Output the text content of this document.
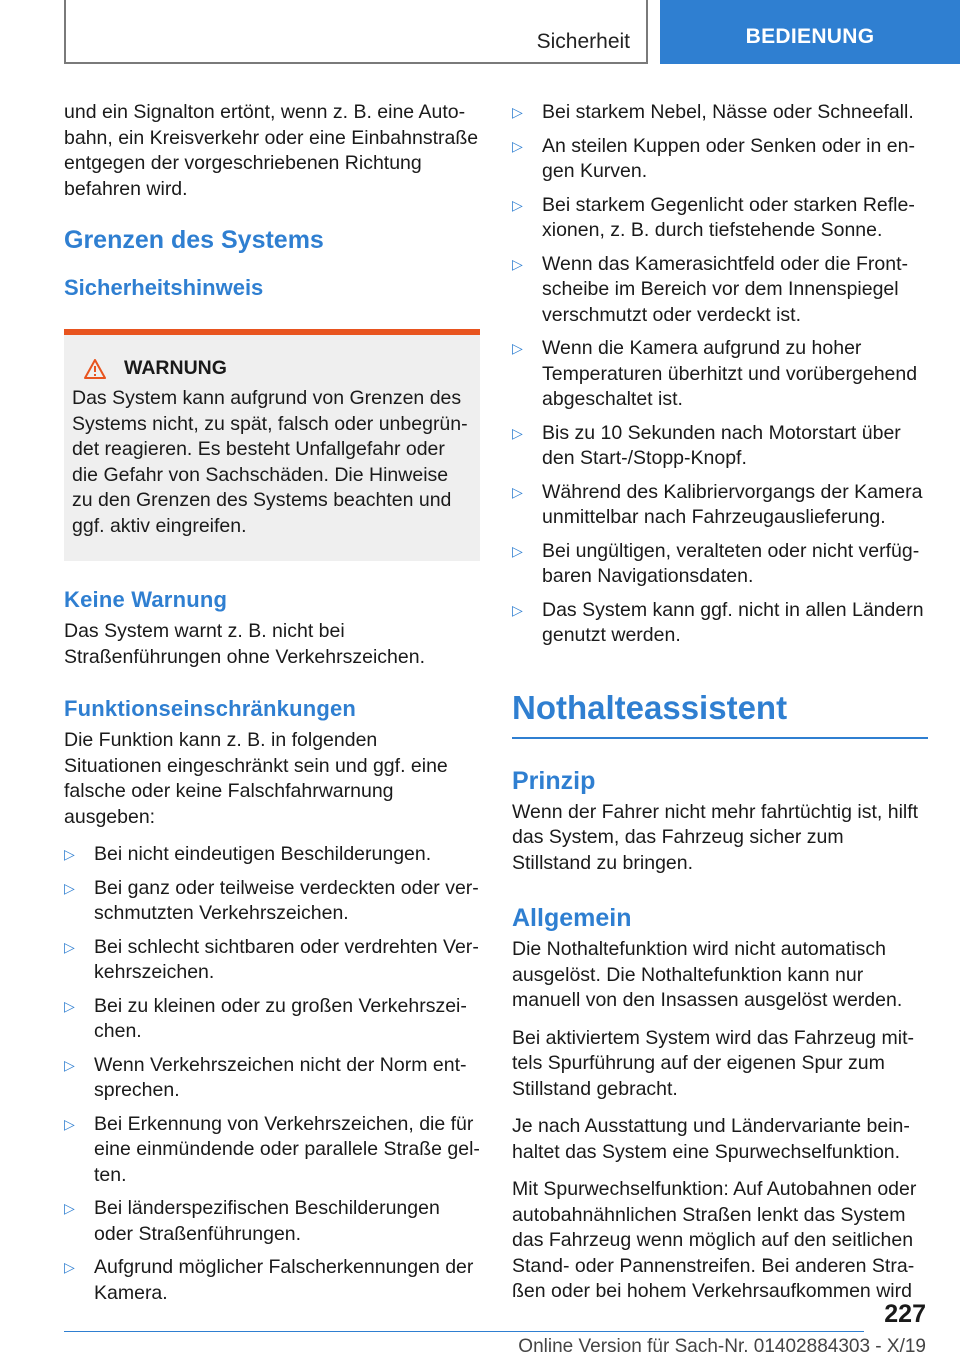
Sicherheit	BEDIENUNG

und ein Signalton ertönt, wenn z. B. eine Autobahn, ein Kreisverkehr oder eine Einbahnstraße entgegen der vorgeschriebenen Richtung befahren wird.

Grenzen des Systems
Sicherheitshinweis
WARNUNG

Das System kann aufgrund von Grenzen des Systems nicht, zu spät, falsch oder unbegründet reagieren. Es besteht Unfallgefahr oder die Gefahr von Sachschäden. Die Hinweise zu den Grenzen des Systems beachten und ggf. aktiv eingreifen.

Keine Warnung

Das System warnt z. B. nicht bei Straßenführungen ohne Verkehrszeichen.

Funktionseinschränkungen

Die Funktion kann z. B. in folgenden Situationen eingeschränkt sein und ggf. eine falsche oder keine Falschfahrwarnung ausgeben:

▷ Bei nicht eindeutigen Beschilderungen.
▷ Bei ganz oder teilweise verdeckten oder verschmutzten Verkehrszeichen.
▷ Bei schlecht sichtbaren oder verdrehten Verkehrszeichen.
▷ Bei zu kleinen oder zu großen Verkehrszeichen.
▷ Wenn Verkehrszeichen nicht der Norm entsprechen.
▷ Bei Erkennung von Verkehrszeichen, die für eine einmündende oder parallele Straße gelten.
▷ Bei länderspezifischen Beschilderungen oder Straßenführungen.
▷ Aufgrund möglicher Falscherkennungen der Kamera.
▷ Bei starkem Nebel, Nässe oder Schneefall.
▷ An steilen Kuppen oder Senken oder in engen Kurven.
▷ Bei starkem Gegenlicht oder starken Reflexionen, z. B. durch tiefstehende Sonne.
▷ Wenn das Kamerasichtfeld oder die Frontscheibe im Bereich vor dem Innenspiegel verschmutzt oder verdeckt ist.
▷ Wenn die Kamera aufgrund zu hoher Temperaturen überhitzt und vorübergehend abgeschaltet ist.
▷ Bis zu 10 Sekunden nach Motorstart über den Start-/Stopp-Knopf.
▷ Während des Kalibriervorgangs der Kamera unmittelbar nach Fahrzeugauslieferung.
▷ Bei ungültigen, veralteten oder nicht verfügbaren Navigationsdaten.
▷ Das System kann ggf. nicht in allen Ländern genutzt werden.
Nothalteassistent
Prinzip

Wenn der Fahrer nicht mehr fahrtüchtig ist, hilft das System, das Fahrzeug sicher zum Stillstand zu bringen.

Allgemein

Die Nothaltefunktion wird nicht automatisch ausgelöst. Die Nothaltefunktion kann nur manuell von den Insassen ausgelöst werden.

Bei aktiviertem System wird das Fahrzeug mittels Spurführung auf der eigenen Spur zum Stillstand gebracht.

Je nach Ausstattung und Ländervariante beinhaltet das System eine Spurwechselfunktion.

Mit Spurwechselfunktion: Auf Autobahnen oder autobahnähnlichen Straßen lenkt das System das Fahrzeug wenn möglich auf den seitlichen Stand- oder Pannenstreifen. Bei anderen Straßen oder bei hohem Verkehrsaufkommen wird

227
Online Version für Sach-Nr. 01402884303 - X/19
